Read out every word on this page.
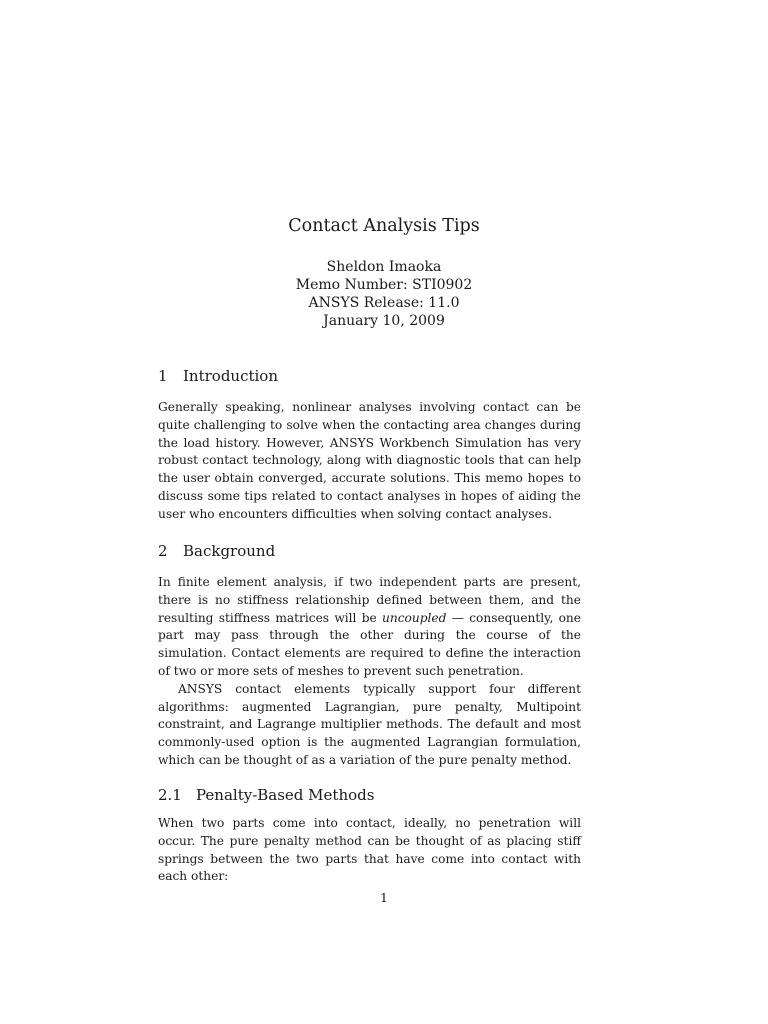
Contact Analysis Tips
Sheldon Imaoka
Memo Number: STI0902
ANSYS Release: 11.0
January 10, 2009
1 Introduction

Generally speaking, nonlinear analyses involving contact can be quite challenging to solve when the contacting area changes during the load history. However, ANSYS Workbench Simulation has very robust contact technology, along with diagnostic tools that can help the user obtain converged, accurate solutions. This memo hopes to discuss some tips related to contact analyses in hopes of aiding the user who encounters difficulties when solving contact analyses.

2 Background

In finite element analysis, if two independent parts are present, there is no stiffness relationship defined between them, and the resulting stiffness matrices will be uncoupled — consequently, one part may pass through the other during the course of the simulation. Contact elements are required to define the interaction of two or more sets of meshes to prevent such penetration.

ANSYS contact elements typically support four different algorithms: augmented Lagrangian, pure penalty, Multipoint constraint, and Lagrange multiplier methods. The default and most commonly-used option is the augmented Lagrangian formulation, which can be thought of as a variation of the pure penalty method.

2.1 Penalty-Based Methods

When two parts come into contact, ideally, no penetration will occur. The pure penalty method can be thought of as placing stiff springs between the two parts that have come into contact with each other:

1
